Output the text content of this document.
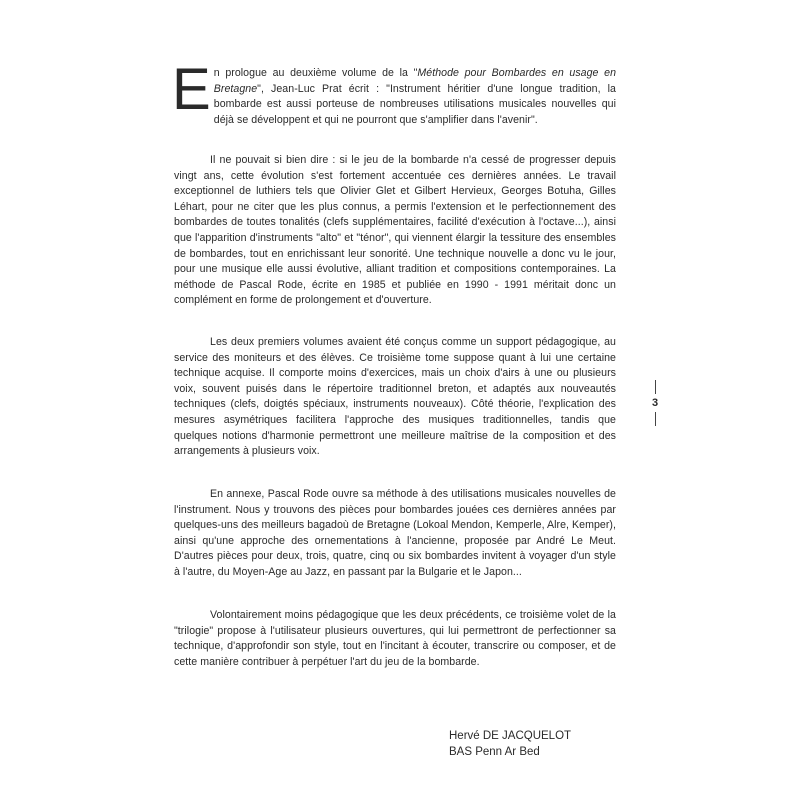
En prologue au deuxième volume de la "Méthode pour Bombardes en usage en Bretagne", Jean-Luc Prat écrit : "Instrument héritier d'une longue tradition, la bombarde est aussi porteuse de nombreuses utilisations musicales nouvelles qui déjà se développent et qui ne pourront que s'amplifier dans l'avenir".

Il ne pouvait si bien dire : si le jeu de la bombarde n'a cessé de progresser depuis vingt ans, cette évolution s'est fortement accentuée ces dernières années. Le travail exceptionnel de luthiers tels que Olivier Glet et Gilbert Hervieux, Georges Botuha, Gilles Léhart, pour ne citer que les plus connus, a permis l'extension et le perfectionnement des bombardes de toutes tonalités (clefs supplémentaires, facilité d'exécution à l'octave...), ainsi que l'apparition d'instruments "alto" et "ténor", qui viennent élargir la tessiture des ensembles de bombardes, tout en enrichissant leur sonorité. Une technique nouvelle a donc vu le jour, pour une musique elle aussi évolutive, alliant tradition et compositions contemporaines. La méthode de Pascal Rode, écrite en 1985 et publiée en 1990 - 1991 méritait donc un complément en forme de prolongement et d'ouverture.

Les deux premiers volumes avaient été conçus comme un support pédagogique, au service des moniteurs et des élèves. Ce troisième tome suppose quant à lui une certaine technique acquise. Il comporte moins d'exercices, mais un choix d'airs à une ou plusieurs voix, souvent puisés dans le répertoire traditionnel breton, et adaptés aux nouveautés techniques (clefs, doigtés spéciaux, instruments nouveaux). Côté théorie, l'explication des mesures asymétriques facilitera l'approche des musiques traditionnelles, tandis que quelques notions d'harmonie permettront une meilleure maîtrise de la composition et des arrangements à plusieurs voix.

En annexe, Pascal Rode ouvre sa méthode à des utilisations musicales nouvelles de l'instrument. Nous y trouvons des pièces pour bombardes jouées ces dernières années par quelques-uns des meilleurs bagadoù de Bretagne (Lokoal Mendon, Kemperle, Alre, Kemper), ainsi qu'une approche des ornementations à l'ancienne, proposée par André Le Meut. D'autres pièces pour deux, trois, quatre, cinq ou six bombardes invitent à voyager d'un style à l'autre, du Moyen-Age au Jazz, en passant par la Bulgarie et le Japon...

Volontairement moins pédagogique que les deux précédents, ce troisième volet de la "trilogie" propose à l'utilisateur plusieurs ouvertures, qui lui permettront de perfectionner sa technique, d'approfondir son style, tout en l'incitant à écouter, transcrire ou composer, et de cette manière contribuer à perpétuer l'art du jeu de la bombarde.

3
Hervé DE JACQUELOT
BAS Penn Ar Bed
